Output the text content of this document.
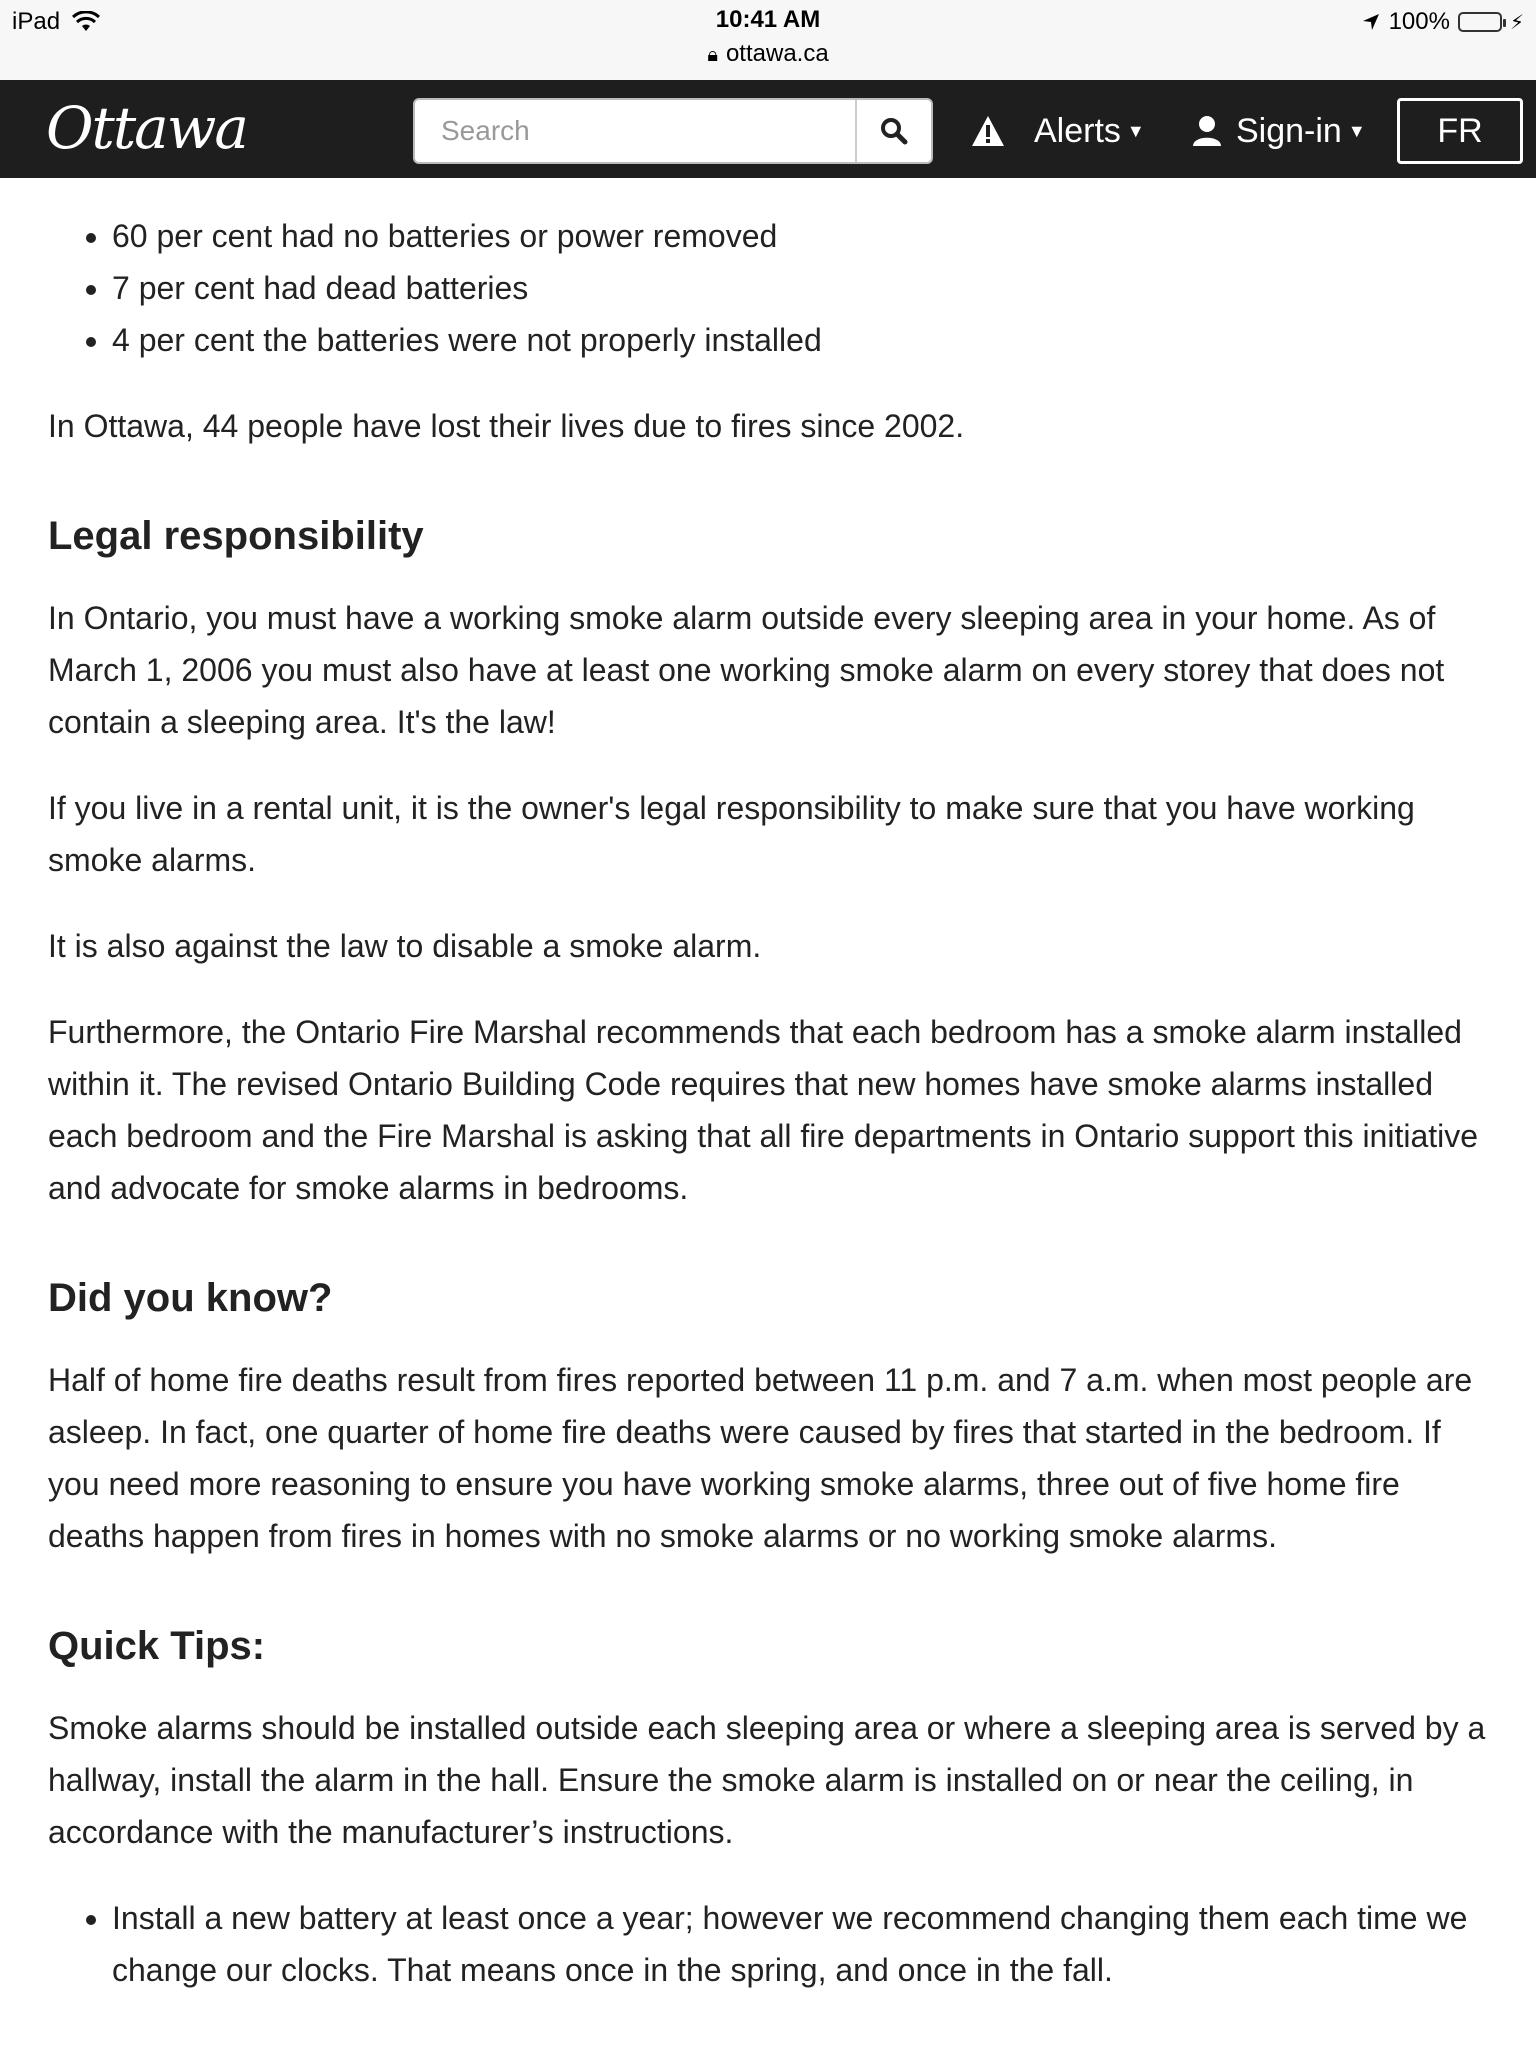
iPad	10:41 AM
🔒︎ ottawa.ca
100%	⚡︎
Ottawa
Search	Alerts ▼	Sign-in ▼	FR
• 60 per cent had no batteries or power removed
• 7 per cent had dead batteries
• 4 per cent the batteries were not properly installed

In Ottawa, 44 people have lost their lives due to fires since 2002.

Legal responsibility

In Ontario, you must have a working smoke alarm outside every sleeping area in your home. As of March 1, 2006 you must also have at least one working smoke alarm on every storey that does not contain a sleeping area. It's the law!

If you live in a rental unit, it is the owner's legal responsibility to make sure that you have working smoke alarms.

It is also against the law to disable a smoke alarm.

Furthermore, the Ontario Fire Marshal recommends that each bedroom has a smoke alarm installed within it. The revised Ontario Building Code requires that new homes have smoke alarms installed each bedroom and the Fire Marshal is asking that all fire departments in Ontario support this initiative and advocate for smoke alarms in bedrooms.

Did you know?

Half of home fire deaths result from fires reported between 11 p.m. and 7 a.m. when most people are asleep. In fact, one quarter of home fire deaths were caused by fires that started in the bedroom. If you need more reasoning to ensure you have working smoke alarms, three out of five home fire deaths happen from fires in homes with no smoke alarms or no working smoke alarms.

Quick Tips:

Smoke alarms should be installed outside each sleeping area or where a sleeping area is served by a hallway, install the alarm in the hall. Ensure the smoke alarm is installed on or near the ceiling, in accordance with the manufacturer’s instructions.

• Install a new battery at least once a year; however we recommend changing them each time we change our clocks. That means once in the spring, and once in the fall.
